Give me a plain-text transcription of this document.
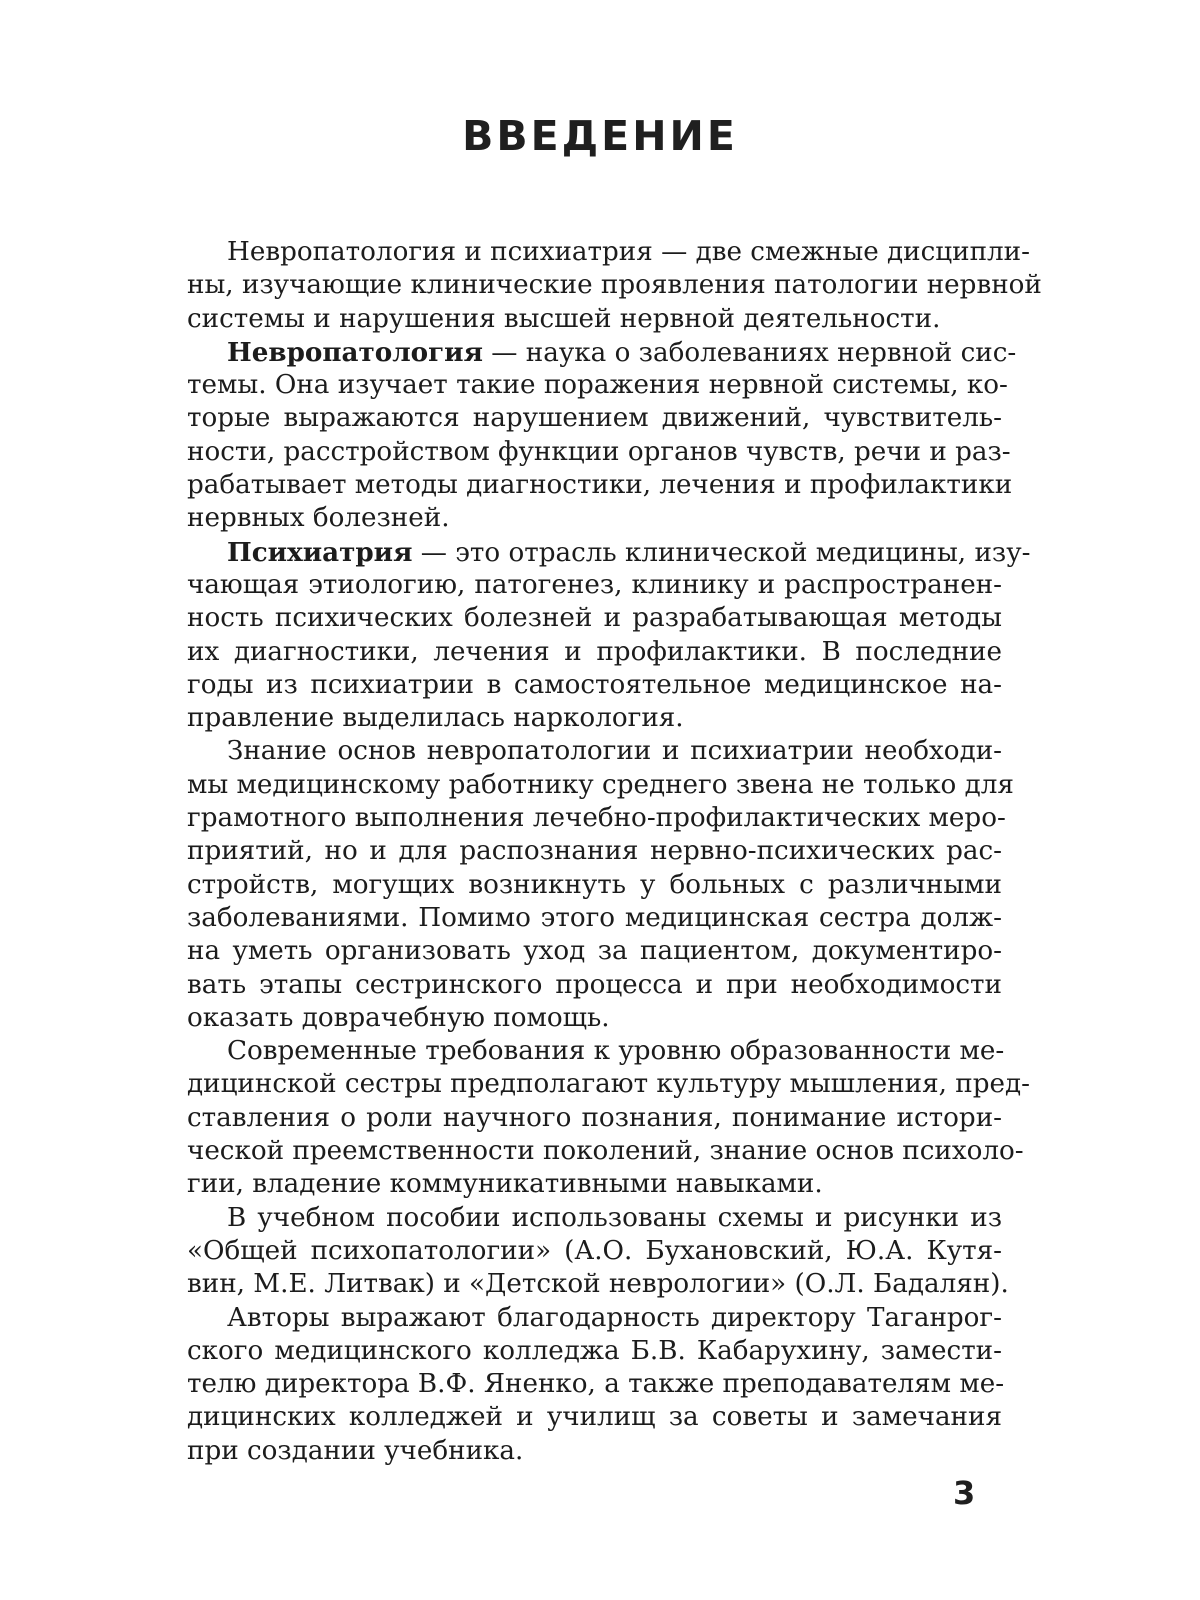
ВВЕДЕНИЕ
Невропатология и психиатрия — две смежные дисципли-
ны, изучающие клинические проявления патологии нервной
системы и нарушения высшей нервной деятельности.
Невропатология — наука о заболеваниях нервной сис-
темы. Она изучает такие поражения нервной системы, ко-
торые выражаются нарушением движений, чувствитель-
ности, расстройством функции органов чувств, речи и раз-
рабатывает методы диагностики, лечения и профилактики
нервных болезней.
Психиатрия — это отрасль клинической медицины, изу-
чающая этиологию, патогенез, клинику и распространен-
ность психических болезней и разрабатывающая методы
их диагностики, лечения и профилактики. В последние
годы из психиатрии в самостоятельное медицинское на-
правление выделилась наркология.
Знание основ невропатологии и психиатрии необходи-
мы медицинскому работнику среднего звена не только для
грамотного выполнения лечебно-профилактических меро-
приятий, но и для распознания нервно-психических рас-
стройств, могущих возникнуть у больных с различными
заболеваниями. Помимо этого медицинская сестра долж-
на уметь организовать уход за пациентом, документиро-
вать этапы сестринского процесса и при необходимости
оказать доврачебную помощь.
Современные требования к уровню образованности ме-
дицинской сестры предполагают культуру мышления, пред-
ставления о роли научного познания, понимание истори-
ческой преемственности поколений, знание основ психоло-
гии, владение коммуникативными навыками.
В учебном пособии использованы схемы и рисунки из
«Общей психопатологии» (А.О. Бухановский, Ю.А. Кутя-
вин, М.Е. Литвак) и «Детской неврологии» (О.Л. Бадалян).
Авторы выражают благодарность директору Таганрог-
ского медицинского колледжа Б.В. Кабарухину, замести-
телю директора В.Ф. Яненко, а также преподавателям ме-
дицинских колледжей и училищ за советы и замечания
при создании учебника.
3
